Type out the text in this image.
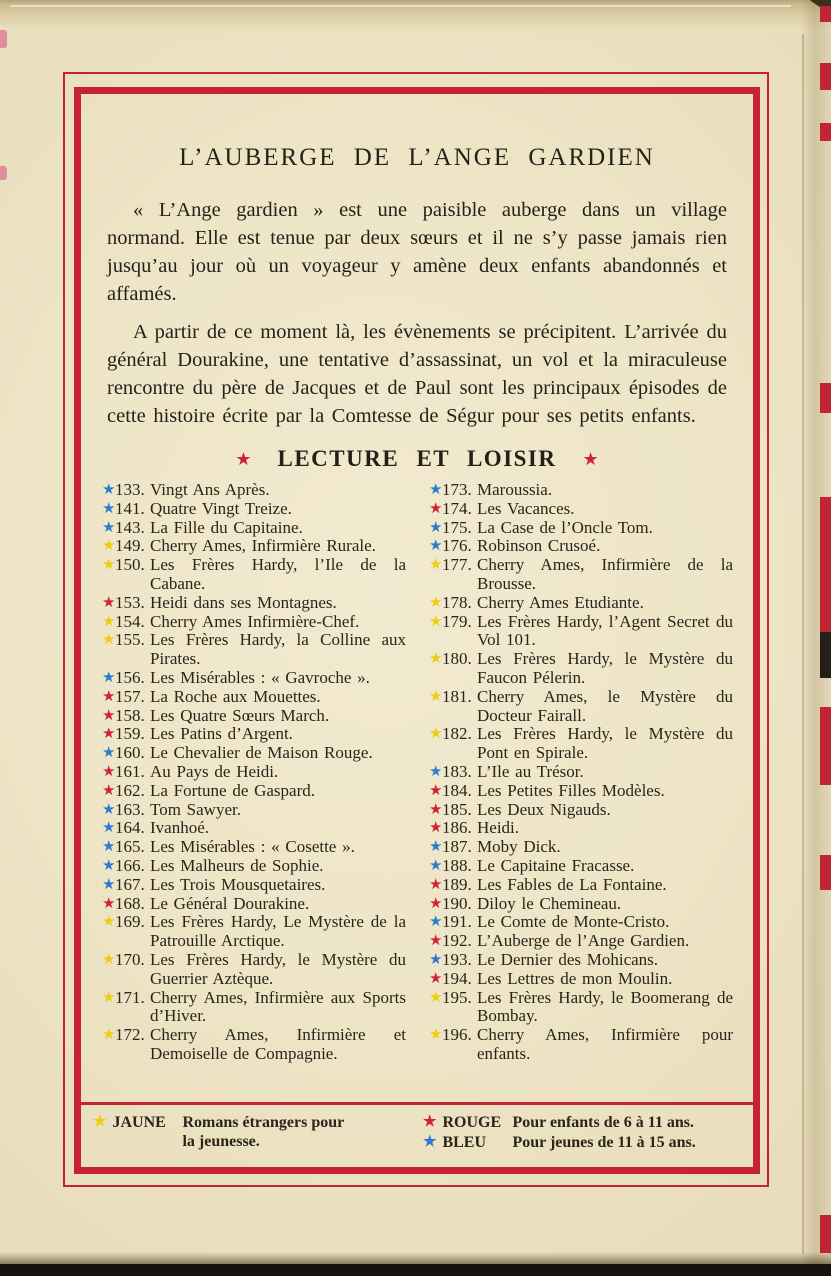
L’AUBERGE DE L’ANGE GARDIEN

« L’Ange gardien » est une paisible auberge dans un village normand. Elle est tenue par deux sœurs et il ne s’y passe jamais rien jusqu’au jour où un voyageur y amène deux enfants abandonnés et affamés.

A partir de ce moment là, les évènements se précipitent. L’arrivée du général Dourakine, une tentative d’assassinat, un vol et la miraculeuse rencontre du père de Jacques et de Paul sont les principaux épisodes de cette histoire écrite par la Comtesse de Ségur pour ses petits enfants.

★ LECTURE ET LOISIR ★
★ 133. Vingt Ans Après.
★ 141. Quatre Vingt Treize.
★ 143. La Fille du Capitaine.
★ 149. Cherry Ames, Infirmière Rurale.
★ 150. Les Frères Hardy, l’Ile de la Cabane.
★ 153. Heidi dans ses Montagnes.
★ 154. Cherry Ames Infirmière-Chef.
★ 155. Les Frères Hardy, la Colline aux Pirates.
★ 156. Les Misérables : « Gavroche ».
★ 157. La Roche aux Mouettes.
★ 158. Les Quatre Sœurs March.
★ 159. Les Patins d’Argent.
★ 160. Le Chevalier de Maison Rouge.
★ 161. Au Pays de Heidi.
★ 162. La Fortune de Gaspard.
★ 163. Tom Sawyer.
★ 164. Ivanhoé.
★ 165. Les Misérables : « Cosette ».
★ 166. Les Malheurs de Sophie.
★ 167. Les Trois Mousquetaires.
★ 168. Le Général Dourakine.
★ 169. Les Frères Hardy, Le Mystère de la Patrouille Arctique.
★ 170. Les Frères Hardy, le Mystère du Guerrier Aztèque.
★ 171. Cherry Ames, Infirmière aux Sports d’Hiver.
★ 172. Cherry Ames, Infirmière et Demoiselle de Compagnie.
★ 173. Maroussia.
★ 174. Les Vacances.
★ 175. La Case de l’Oncle Tom.
★ 176. Robinson Crusoé.
★ 177. Cherry Ames, Infirmière de la Brousse.
★ 178. Cherry Ames Etudiante.
★ 179. Les Frères Hardy, l’Agent Secret du Vol 101.
★ 180. Les Frères Hardy, le Mystère du Faucon Pélerin.
★ 181. Cherry Ames, le Mystère du Docteur Fairall.
★ 182. Les Frères Hardy, le Mystère du Pont en Spirale.
★ 183. L’Ile au Trésor.
★ 184. Les Petites Filles Modèles.
★ 185. Les Deux Nigauds.
★ 186. Heidi.
★ 187. Moby Dick.
★ 188. Le Capitaine Fracasse.
★ 189. Les Fables de La Fontaine.
★ 190. Diloy le Chemineau.
★ 191. Le Comte de Monte-Cristo.
★ 192. L’Auberge de l’Ange Gardien.
★ 193. Le Dernier des Mohicans.
★ 194. Les Lettres de mon Moulin.
★ 195. Les Frères Hardy, le Boomerang de Bombay.
★ 196. Cherry Ames, Infirmière pour enfants.
★ JAUNE	Romans étrangers pour la jeunesse.
★ ROUGE Pour enfants de 6 à 11 ans.
★ BLEU	Pour jeunes de 11 à 15 ans.
